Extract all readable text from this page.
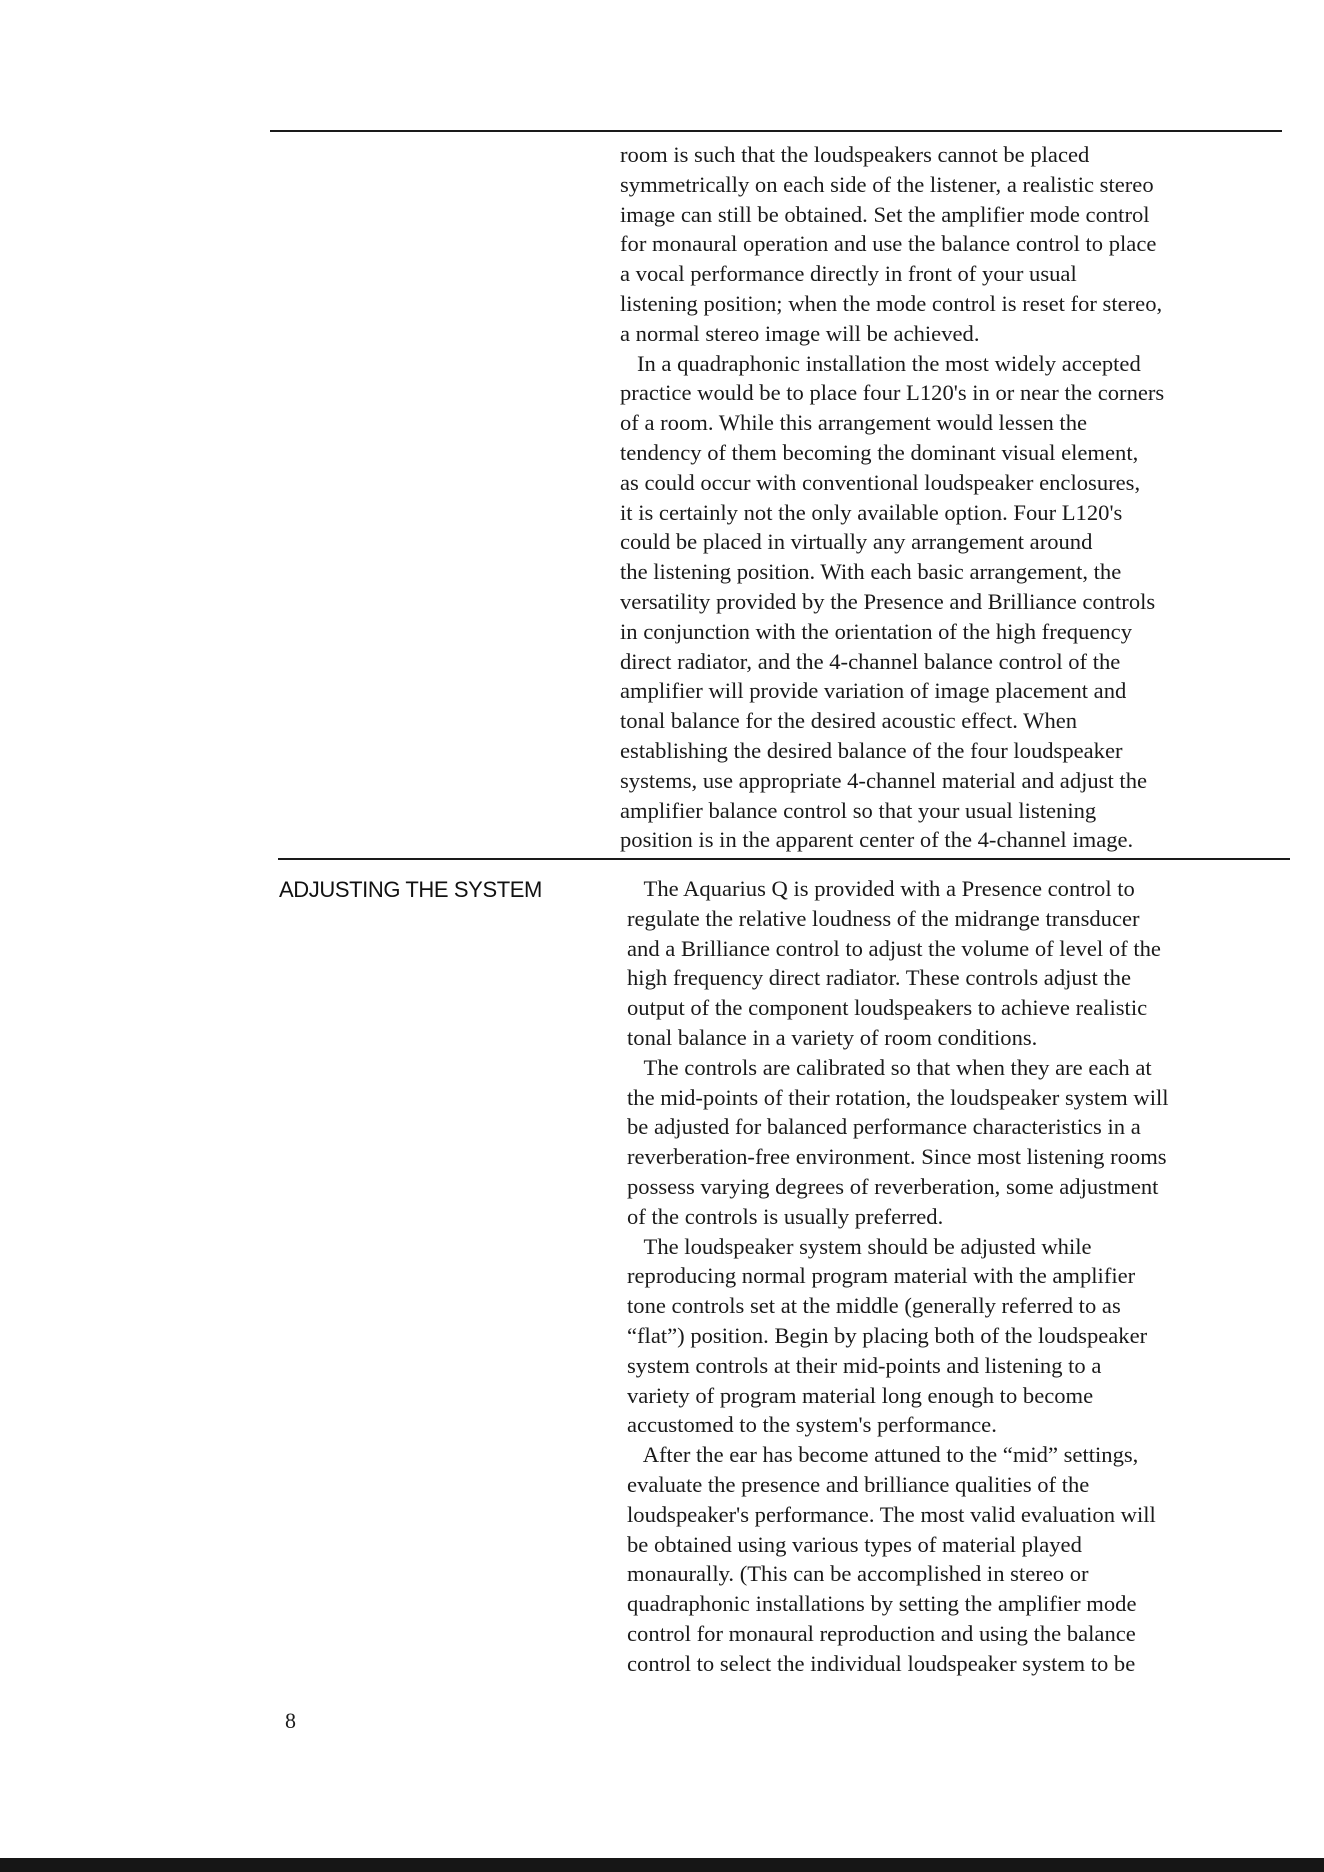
room is such that the loudspeakers cannot be placed
symmetrically on each side of the listener, a realistic stereo
image can still be obtained. Set the amplifier mode control
for monaural operation and use the balance control to place
a vocal performance directly in front of your usual
listening position; when the mode control is reset for stereo,
a normal stereo image will be achieved.
In a quadraphonic installation the most widely accepted
practice would be to place four L120's in or near the corners
of a room. While this arrangement would lessen the
tendency of them becoming the dominant visual element,
as could occur with conventional loudspeaker enclosures,
it is certainly not the only available option. Four L120's
could be placed in virtually any arrangement around
the listening position. With each basic arrangement, the
versatility provided by the Presence and Brilliance controls
in conjunction with the orientation of the high frequency
direct radiator, and the 4-channel balance control of the
amplifier will provide variation of image placement and
tonal balance for the desired acoustic effect. When
establishing the desired balance of the four loudspeaker
systems, use appropriate 4-channel material and adjust the
amplifier balance control so that your usual listening
position is in the apparent center of the 4-channel image.
ADJUSTING THE SYSTEM	The Aquarius Q is provided with a Presence control to
regulate the relative loudness of the midrange transducer
and a Brilliance control to adjust the volume of level of the
high frequency direct radiator. These controls adjust the
output of the component loudspeakers to achieve realistic
tonal balance in a variety of room conditions.
The controls are calibrated so that when they are each at
the mid-points of their rotation, the loudspeaker system will
be adjusted for balanced performance characteristics in a
reverberation-free environment. Since most listening rooms
possess varying degrees of reverberation, some adjustment
of the controls is usually preferred.
The loudspeaker system should be adjusted while
reproducing normal program material with the amplifier
tone controls set at the middle (generally referred to as
“flat”) position. Begin by placing both of the loudspeaker
system controls at their mid-points and listening to a
variety of program material long enough to become
accustomed to the system's performance.
After the ear has become attuned to the “mid” settings,
evaluate the presence and brilliance qualities of the
loudspeaker's performance. The most valid evaluation will
be obtained using various types of material played
monaurally. (This can be accomplished in stereo or
quadraphonic installations by setting the amplifier mode
control for monaural reproduction and using the balance
control to select the individual loudspeaker system to be
8
